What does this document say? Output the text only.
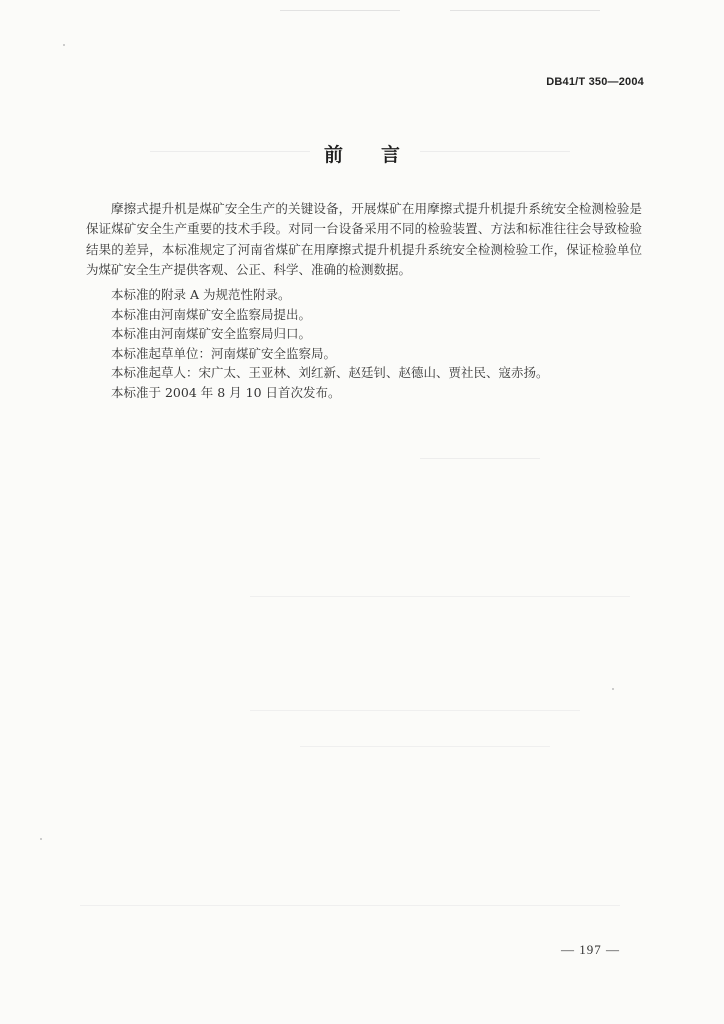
DB41/T 350—2004
前言

摩擦式提升机是煤矿安全生产的关键设备，开展煤矿在用摩擦式提升机提升系统安全检测检验是保证煤矿安全生产重要的技术手段。对同一台设备采用不同的检验装置、方法和标准往往会导致检验结果的差异，本标准规定了河南省煤矿在用摩擦式提升机提升系统安全检测检验工作，保证检验单位为煤矿安全生产提供客观、公正、科学、准确的检测数据。

本标准的附录 A 为规范性附录。
本标准由河南煤矿安全监察局提出。
本标准由河南煤矿安全监察局归口。
本标准起草单位：河南煤矿安全监察局。
本标准起草人：宋广太、王亚林、刘红新、赵廷钊、赵德山、贾社民、寇赤扬。
本标准于 2004 年 8 月 10 日首次发布。
— 197 —
